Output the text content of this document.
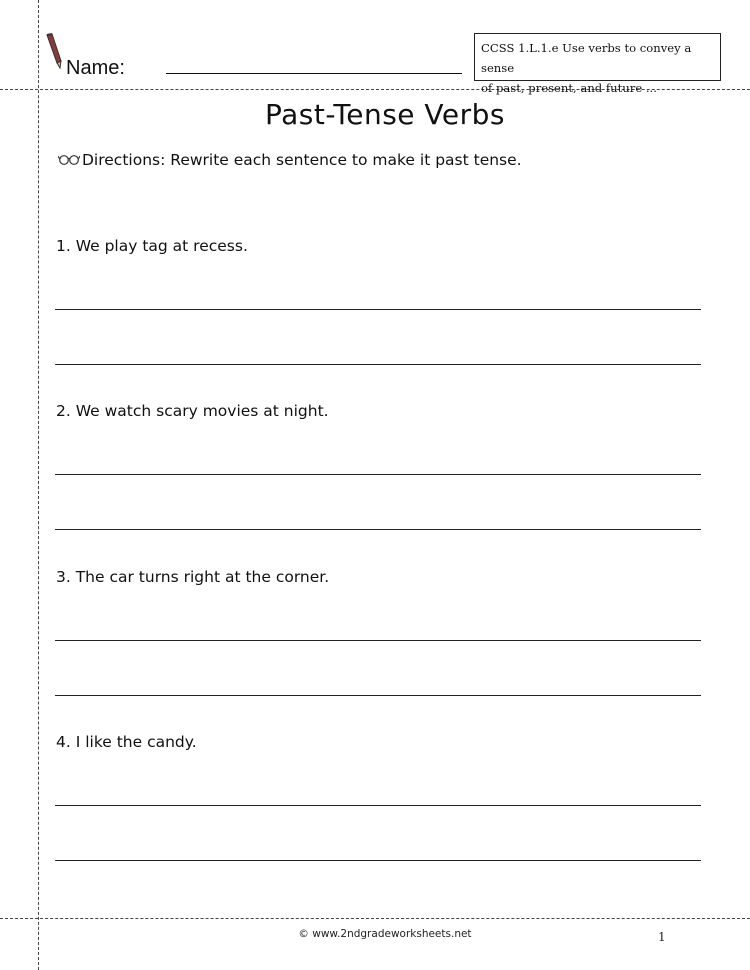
Name:
CCSS 1.L.1.e Use verbs to convey a sense
of past, present, and future ...
Past-Tense Verbs
Directions: Rewrite each sentence to make it past tense.
1. We play tag at recess.
2. We watch scary movies at night.
3. The car turns right at the corner.
4. I like the candy.
© www.2ndgradeworksheets.net	1
